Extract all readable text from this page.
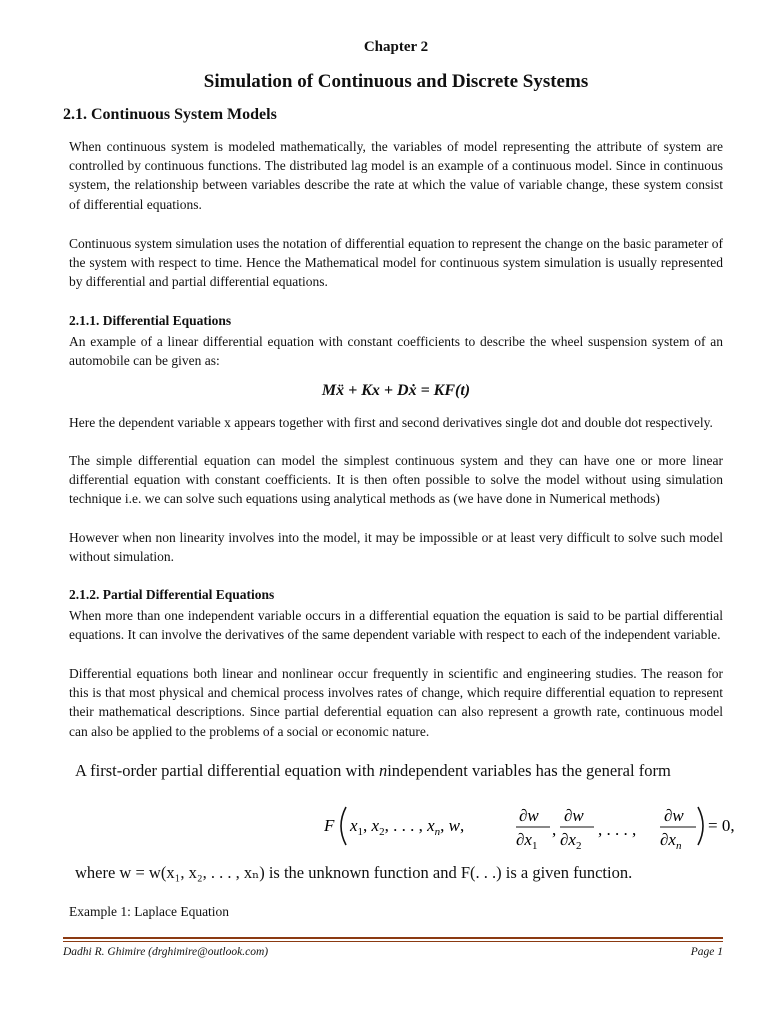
Chapter 2
Simulation of Continuous and Discrete Systems
2.1. Continuous System Models

When continuous system is modeled mathematically, the variables of model representing the attribute of system are controlled by continuous functions. The distributed lag model is an example of a continuous model. Since in continuous system, the relationship between variables describe the rate at which the value of variable change, these system consist of differential equations.

Continuous system simulation uses the notation of differential equation to represent the change on the basic parameter of the system with respect to time. Hence the Mathematical model for continuous system simulation is usually represented by differential and partial differential equations.

2.1.1. Differential Equations

An example of a linear differential equation with constant coefficients to describe the wheel suspension system of an automobile can be given as:

Mẍ + Kx + Dẋ = KF(t)

Here the dependent variable x appears together with first and second derivatives single dot and double dot respectively.

The simple differential equation can model the simplest continuous system and they can have one or more linear differential equation with constant coefficients. It is then often possible to solve the model without using simulation technique i.e. we can solve such equations using analytical methods as (we have done in Numerical methods)

However when non linearity involves into the model, it may be impossible or at least very difficult to solve such model without simulation.

2.1.2. Partial Differential Equations

When more than one independent variable occurs in a differential equation the equation is said to be partial differential equations. It can involve the derivatives of the same dependent variable with respect to each of the independent variable.

Differential equations both linear and nonlinear occur frequently in scientific and engineering studies. The reason for this is that most physical and chemical process involves rates of change, which require differential equation to represent their mathematical descriptions. Since partial deferential equation can also represent a growth rate, continuous model can also be applied to the problems of a social or economic nature.

A first-order partial differential equation with nindependent variables has the general form
F $x_1$, $x_2$, . . . , $x_n$, w,
∂w
$\partial x_1$
,
∂w
$\partial x_2$
, . . . ,
∂w
$\partial x_n$
= 0,
where w = w(x₁, x₂, . . . , xₙ) is the unknown function and F(. . .) is a given function.
Example 1: Laplace Equation
Dadhi R. Ghimire (drghimire@outlook.com)	Page 1
